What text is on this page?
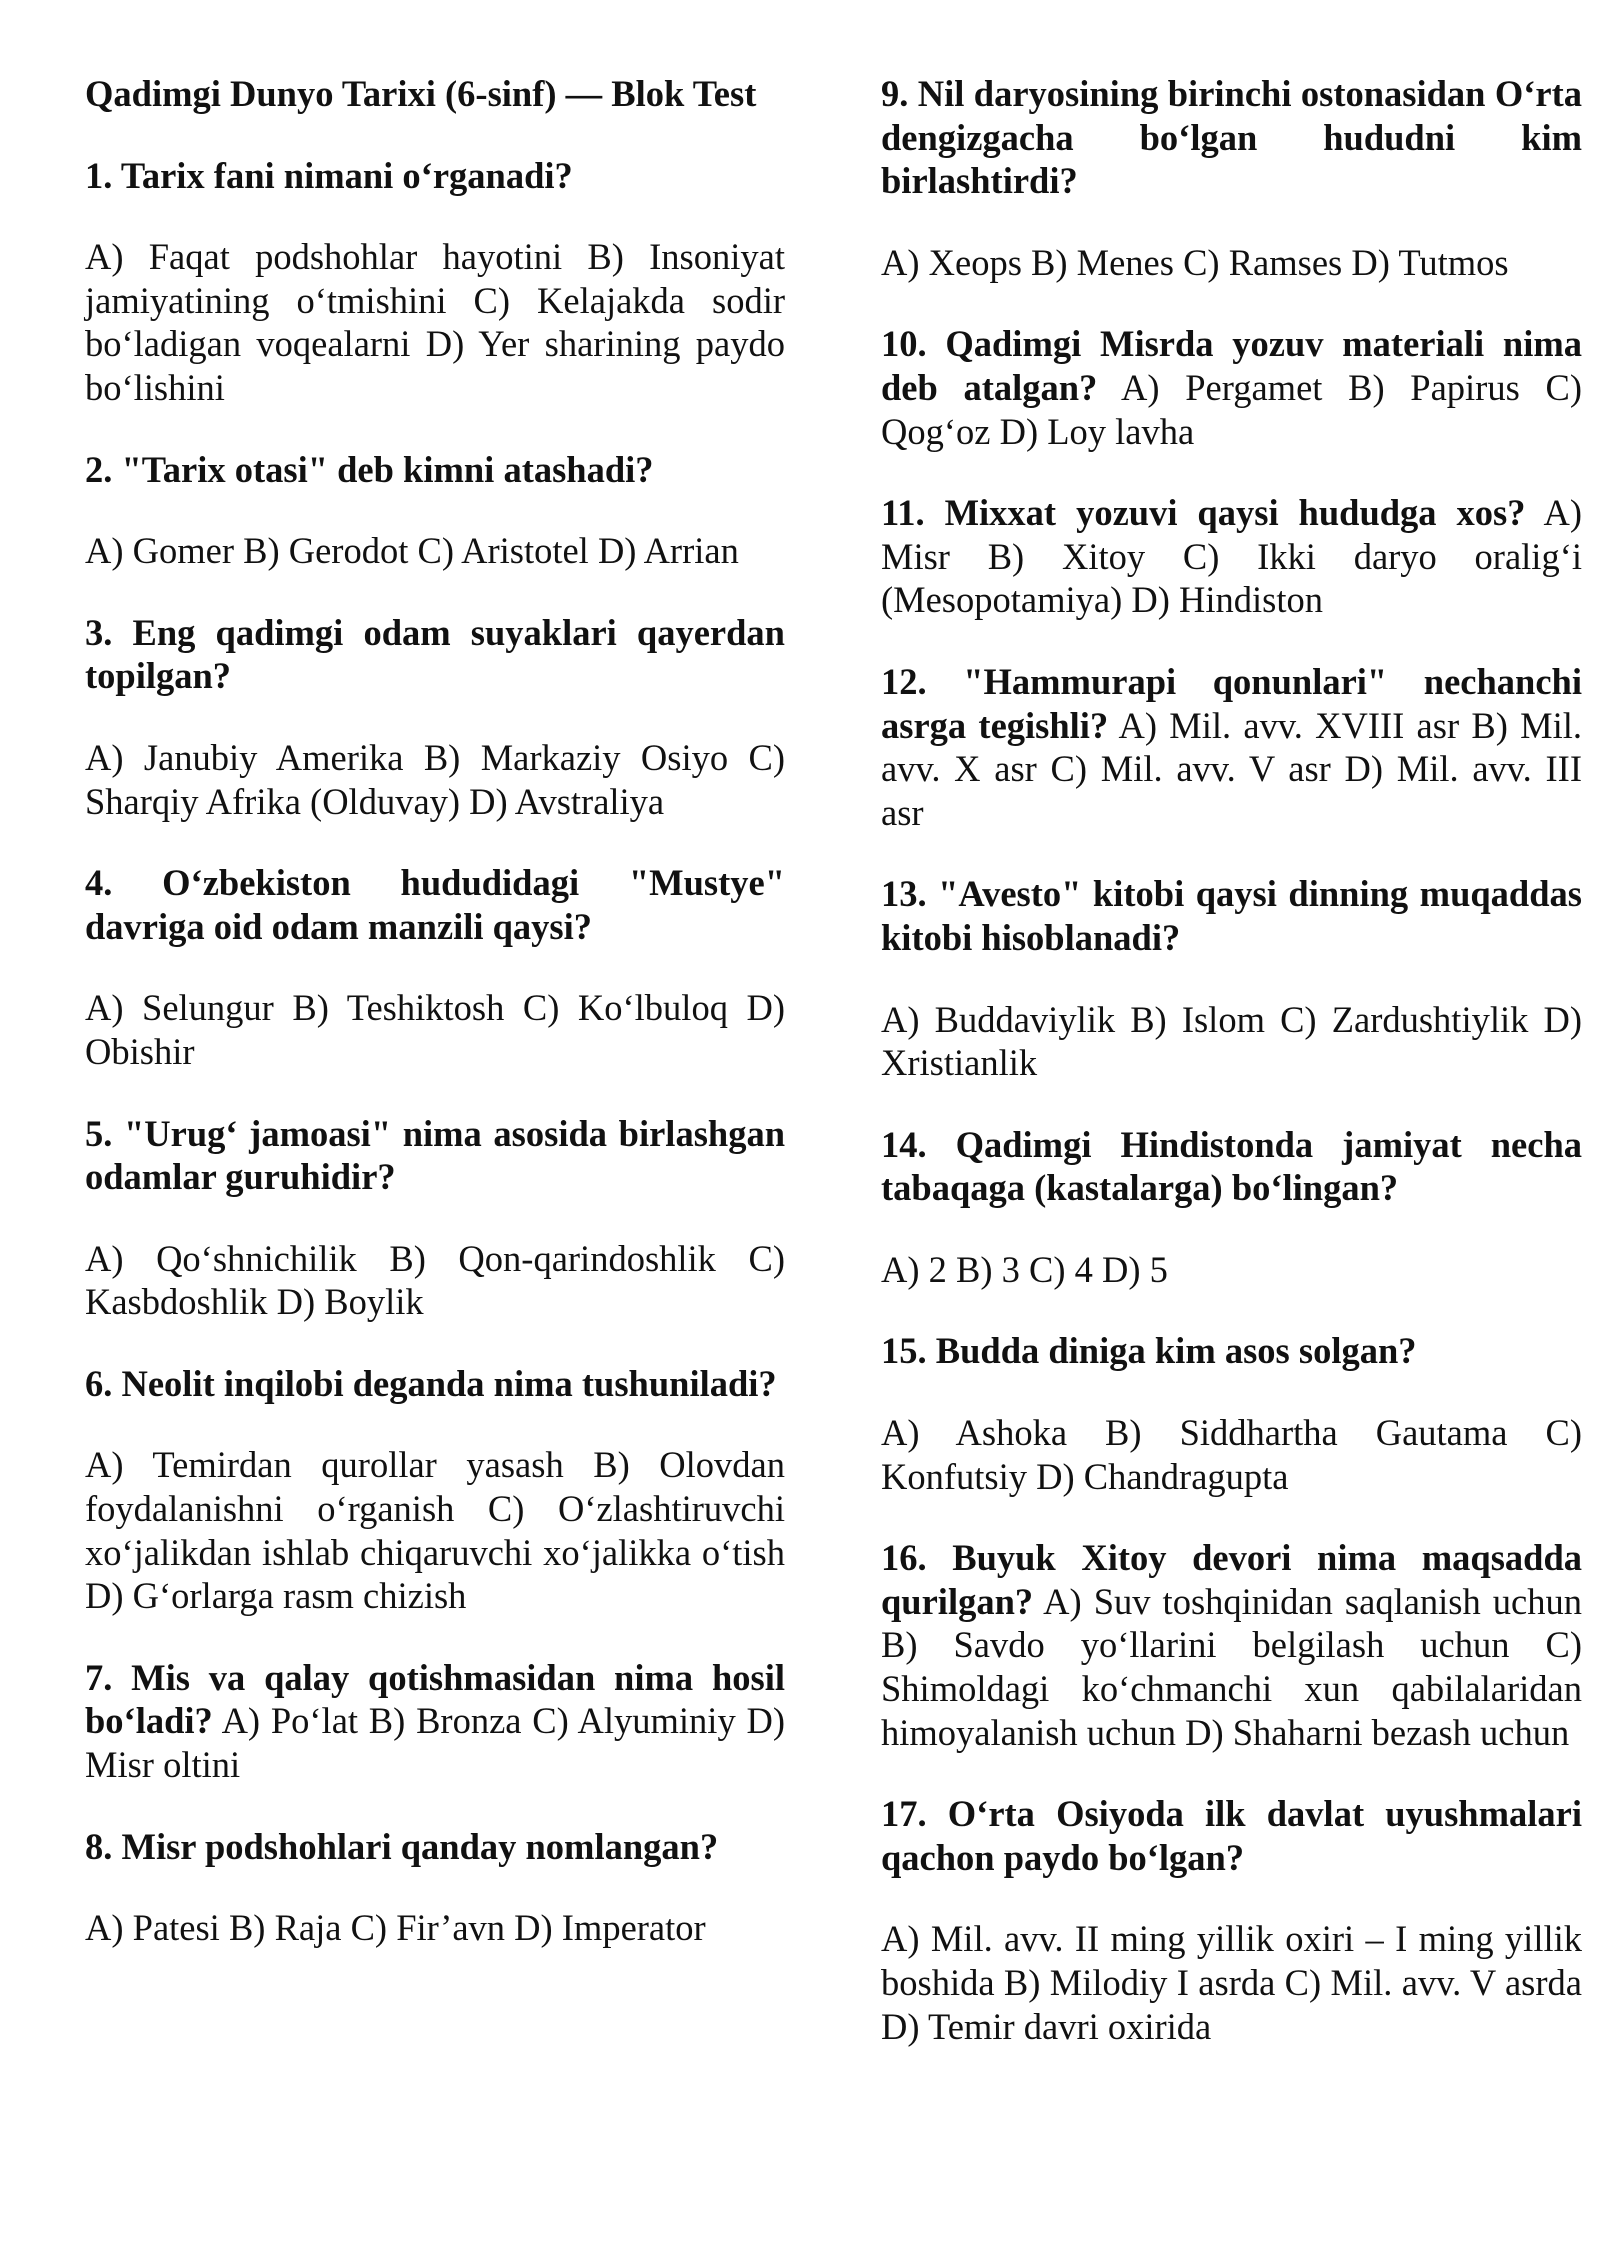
Qadimgi Dunyo Tarixi (6-sinf) — Blok Test

1. Tarix fani nimani o‘rganadi?

A) Faqat podshohlar hayotini B) Insoniyat jamiyatining o‘tmishini C) Kelajakda sodir bo‘ladigan voqealarni D) Yer sharining paydo bo‘lishini

2. "Tarix otasi" deb kimni atashadi?

A) Gomer B) Gerodot C) Aristotel D) Arrian

3. Eng qadimgi odam suyaklari qayerdan topilgan?

A) Janubiy Amerika B) Markaziy Osiyo C) Sharqiy Afrika (Olduvay) D) Avstraliya

4. O‘zbekiston hududidagi "Mustye" davriga oid odam manzili qaysi?

A) Selungur B) Teshiktosh C) Ko‘lbuloq D) Obishir

5. "Urug‘ jamoasi" nima asosida birlashgan odamlar guruhidir?

A) Qo‘shnichilik B) Qon-qarindoshlik C) Kasbdoshlik D) Boylik

6. Neolit inqilobi deganda nima tushuniladi?

A) Temirdan qurollar yasash B) Olovdan foydalanishni o‘rganish C) O‘zlashtiruvchi xo‘jalikdan ishlab chiqaruvchi xo‘jalikka o‘tish D) G‘orlarga rasm chizish

7. Mis va qalay qotishmasidan nima hosil bo‘ladi? A) Po‘lat B) Bronza C) Alyuminiy D) Misr oltini

8. Misr podshohlari qanday nomlangan?

A) Patesi B) Raja C) Fir’avn D) Imperator

9. Nil daryosining birinchi ostonasidan O‘rta dengizgacha bo‘lgan hududni kim birlashtirdi?

A) Xeops B) Menes C) Ramses D) Tutmos

10. Qadimgi Misrda yozuv materiali nima deb atalgan? A) Pergamet B) Papirus C) Qog‘oz D) Loy lavha

11. Mixxat yozuvi qaysi hududga xos? A) Misr B) Xitoy C) Ikki daryo oralig‘i (Mesopotamiya) D) Hindiston

12. "Hammurapi qonunlari" nechanchi asrga tegishli? A) Mil. avv. XVIII asr B) Mil. avv. X asr C) Mil. avv. V asr D) Mil. avv. III asr

13. "Avesto" kitobi qaysi dinning muqaddas kitobi hisoblanadi?

A) Buddaviylik B) Islom C) Zardushtiylik D) Xristianlik

14. Qadimgi Hindistonda jamiyat necha tabaqaga (kastalarga) bo‘lingan?

A) 2 B) 3 C) 4 D) 5

15. Budda diniga kim asos solgan?

A) Ashoka B) Siddhartha Gautama C) Konfutsiy D) Chandragupta

16. Buyuk Xitoy devori nima maqsadda qurilgan? A) Suv toshqinidan saqlanish uchun B) Savdo yo‘llarini belgilash uchun C) Shimoldagi ko‘chmanchi xun qabilalaridan himoyalanish uchun D) Shaharni bezash uchun

17. O‘rta Osiyoda ilk davlat uyushmalari qachon paydo bo‘lgan?

A) Mil. avv. II ming yillik oxiri – I ming yillik boshida B) Milodiy I asrda C) Mil. avv. V asrda D) Temir davri oxirida
